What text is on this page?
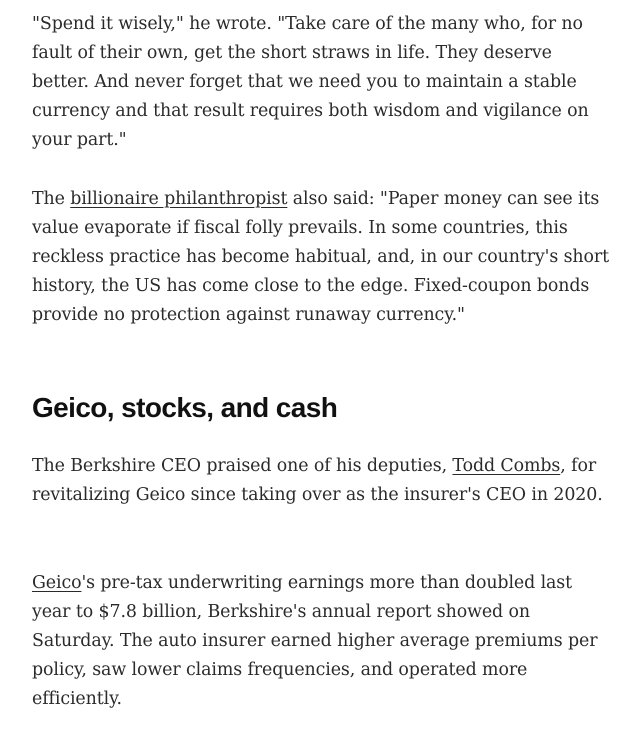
"Spend it wisely," he wrote. "Take care of the many who, for no fault of their own, get the short straws in life. They deserve better. And never forget that we need you to maintain a stable currency and that result requires both wisdom and vigilance on your part."

The billionaire philanthropist also said: "Paper money can see its value evaporate if fiscal folly prevails. In some countries, this reckless practice has become habitual, and, in our country's short history, the US has come close to the edge. Fixed-coupon bonds provide no protection against runaway currency."

Geico, stocks, and cash

The Berkshire CEO praised one of his deputies, Todd Combs, for revitalizing Geico since taking over as the insurer's CEO in 2020.

Geico's pre-tax underwriting earnings more than doubled last year to $7.8 billion, Berkshire's annual report showed on Saturday. The auto insurer earned higher average premiums per policy, saw lower claims frequencies, and operated more efficiently.
